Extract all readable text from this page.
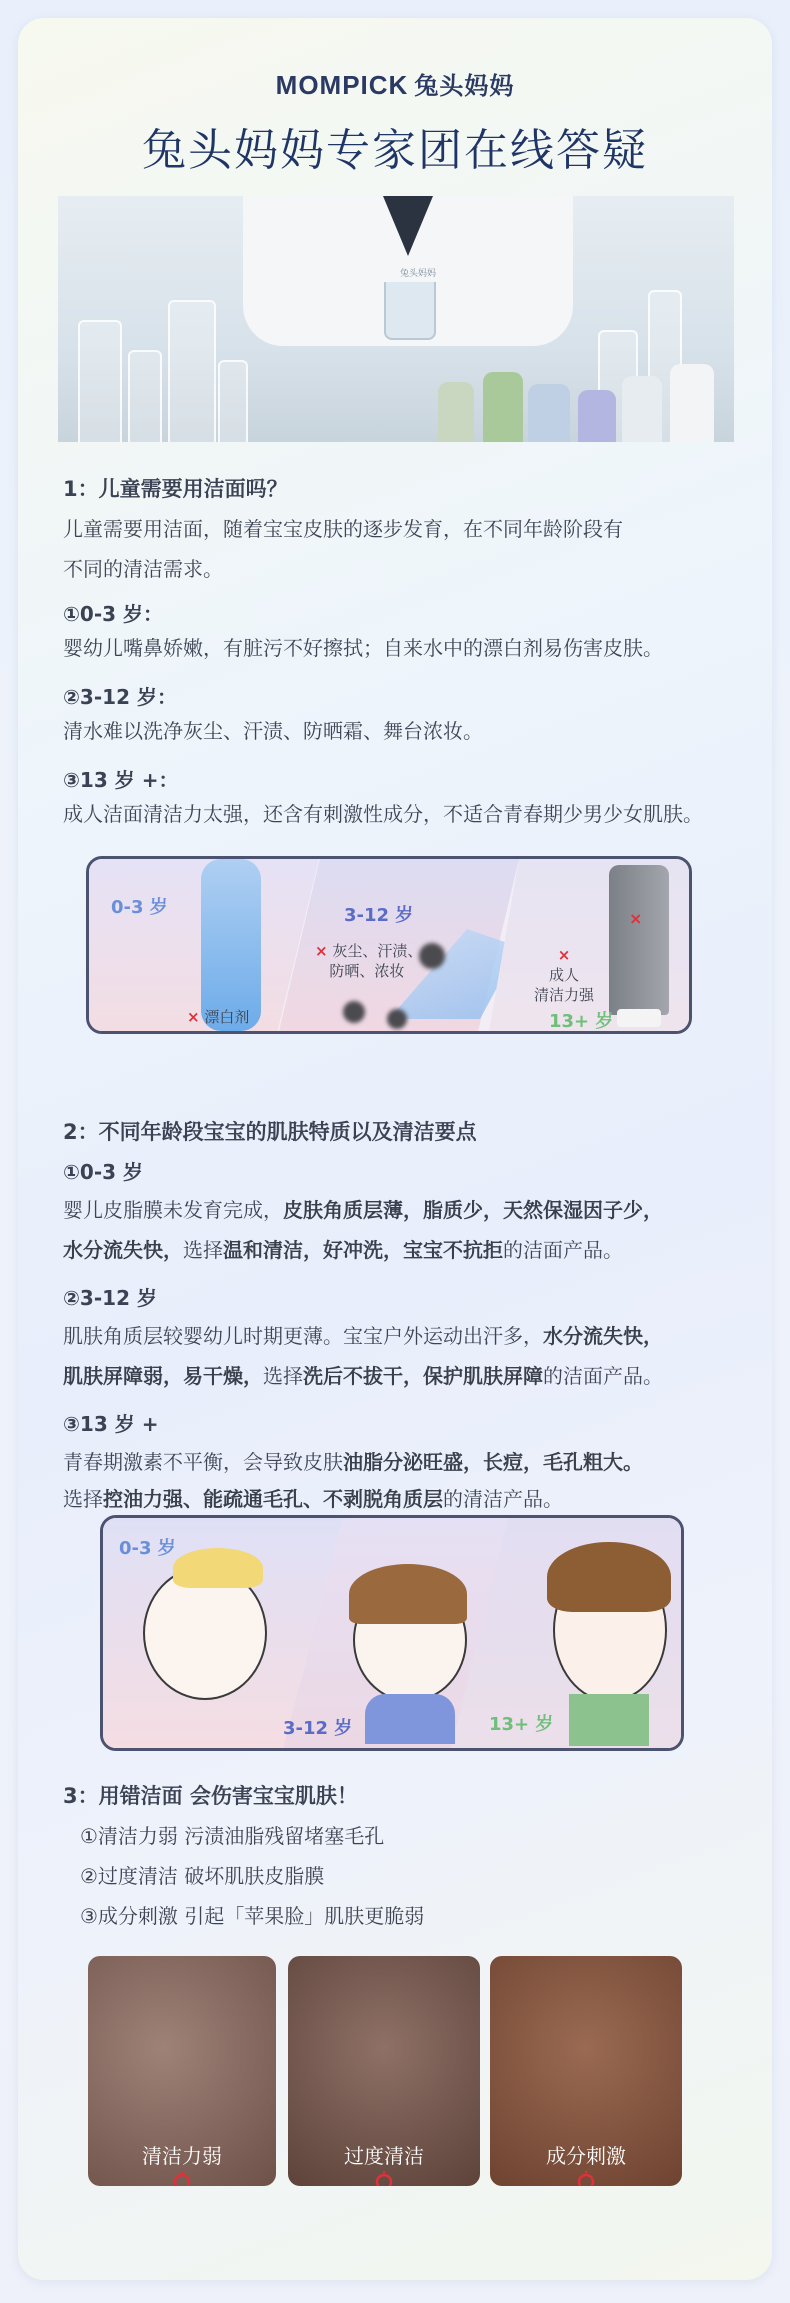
MOMPICK 兔头妈妈
兔头妈妈专家团在线答疑
兔头妈妈
1：儿童需要用洁面吗？
儿童需要用洁面，随着宝宝皮肤的逐步发育，在不同年龄阶段有
不同的清洁需求。
①0-3 岁：
婴幼儿嘴鼻娇嫩，有脏污不好擦拭；自来水中的漂白剂易伤害皮肤。
②3-12 岁：
清水难以洗净灰尘、汗渍、防晒霜、舞台浓妆。
③13 岁 +：
成人洁面清洁力太强，还含有刺激性成分，不适合青春期少男少女肌肤。
0-3 岁	3-12 岁
13+ 岁
× 漂白剂
× 灰尘、汗渍、
防晒、浓妆
×
成人
清洁力强
×
2：不同年龄段宝宝的肌肤特质以及清洁要点
①0-3 岁
婴儿皮脂膜未发育完成，皮肤角质层薄，脂质少，天然保湿因子少，
水分流失快，选择温和清洁，好冲洗，宝宝不抗拒的洁面产品。
②3-12 岁
肌肤角质层较婴幼儿时期更薄。宝宝户外运动出汗多，水分流失快，
肌肤屏障弱，易干燥，选择洗后不拔干，保护肌肤屏障的洁面产品。
③13 岁 +
青春期激素不平衡，会导致皮肤油脂分泌旺盛，长痘，毛孔粗大。
选择控油力强、能疏通毛孔、不剥脱角质层的清洁产品。
0-3 岁
3-12 岁	13+ 岁
3：用错洁面 会伤害宝宝肌肤！
①清洁力弱 污渍油脂残留堵塞毛孔
②过度清洁 破坏肌肤皮脂膜
③成分刺激 引起「苹果脸」肌肤更脆弱
清洁力弱	过度清洁	成分刺激
